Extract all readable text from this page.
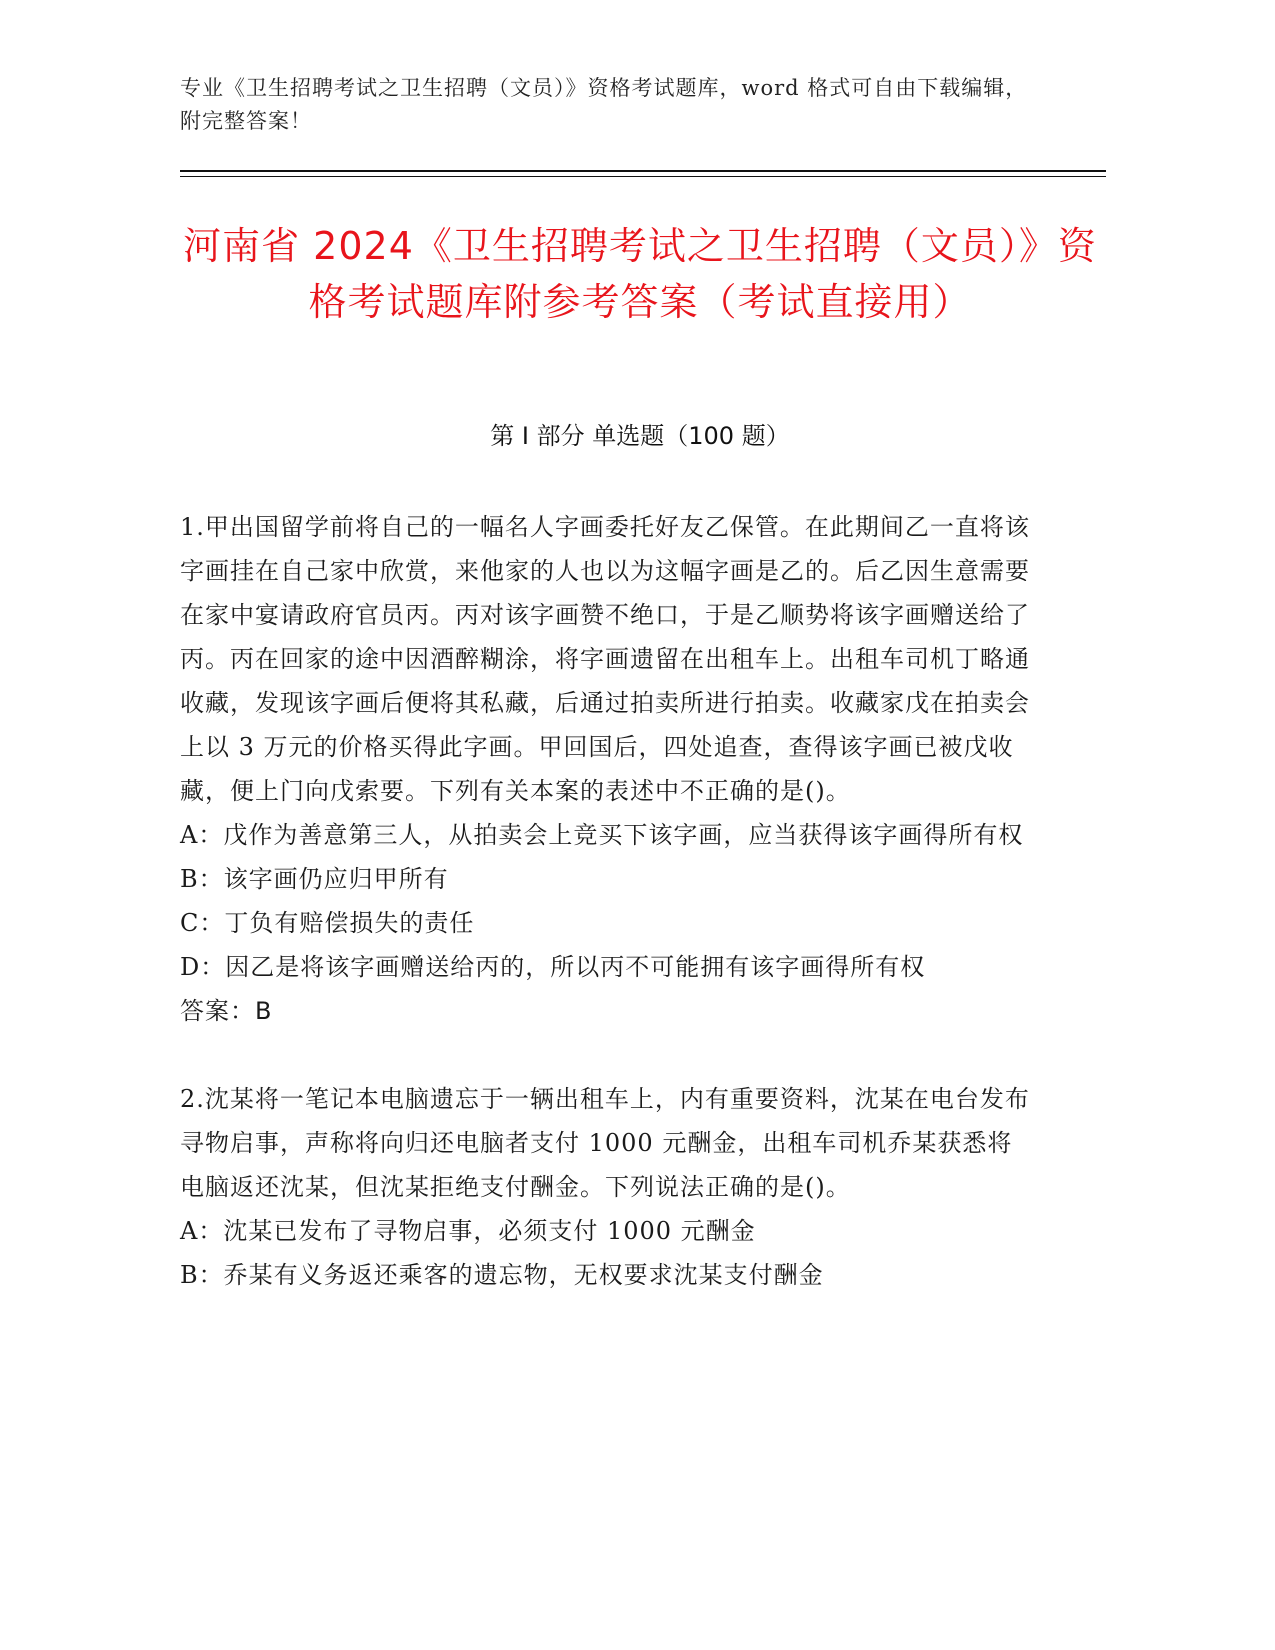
专业《卫生招聘考试之卫生招聘（文员）》资格考试题库，word 格式可自由下载编辑，附完整答案！
河南省 2024《卫生招聘考试之卫生招聘（文员）》资格考试题库附参考答案（考试直接用）
第 I 部分 单选题（100 题）

1.甲出国留学前将自己的一幅名人字画委托好友乙保管。在此期间乙一直将该字画挂在自己家中欣赏，来他家的人也以为这幅字画是乙的。后乙因生意需要在家中宴请政府官员丙。丙对该字画赞不绝口，于是乙顺势将该字画赠送给了丙。丙在回家的途中因酒醉糊涂，将字画遗留在出租车上。出租车司机丁略通收藏，发现该字画后便将其私藏，后通过拍卖所进行拍卖。收藏家戊在拍卖会上以 3 万元的价格买得此字画。甲回国后，四处追查，查得该字画已被戊收藏，便上门向戊索要。下列有关本案的表述中不正确的是()。

A：戊作为善意第三人，从拍卖会上竞买下该字画，应当获得该字画得所有权

B：该字画仍应归甲所有

C：丁负有赔偿损失的责任

D：因乙是将该字画赠送给丙的，所以丙不可能拥有该字画得所有权

答案：B

2.沈某将一笔记本电脑遗忘于一辆出租车上，内有重要资料，沈某在电台发布寻物启事，声称将向归还电脑者支付 1000 元酬金，出租车司机乔某获悉将电脑返还沈某，但沈某拒绝支付酬金。下列说法正确的是()。

A：沈某已发布了寻物启事，必须支付 1000 元酬金

B：乔某有义务返还乘客的遗忘物，无权要求沈某支付酬金
